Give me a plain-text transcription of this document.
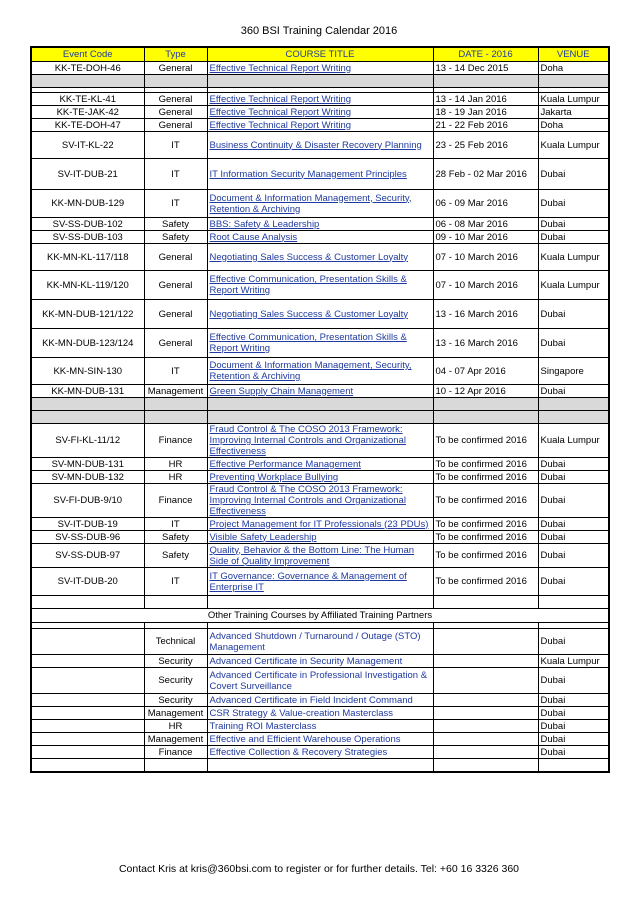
360 BSI Training Calendar 2016
Event Code	Type	COURSE TITLE	DATE - 2016	VENUE
KK-TE-DOH-46	General	Effective Technical Report Writing	13 - 14 Dec 2015	Doha

KK-TE-KL-41	General	Effective Technical Report Writing	13 - 14 Jan 2016	Kuala Lumpur
KK-TE-JAK-42	General	Effective Technical Report Writing	18 - 19 Jan 2016	Jakarta
KK-TE-DOH-47	General	Effective Technical Report Writing	21 - 22 Feb 2016	Doha
SV-IT-KL-22	IT	Business Continuity & Disaster Recovery Planning	23 - 25 Feb 2016	Kuala Lumpur
SV-IT-DUB-21	IT	IT Information Security Management Principles	28 Feb - 02 Mar 2016	Dubai
KK-MN-DUB-129	IT	Document & Information Management, Security, Retention & Archiving	06 - 09 Mar 2016	Dubai
SV-SS-DUB-102	Safety	BBS: Safety & Leadership	06 - 08 Mar 2016	Dubai
SV-SS-DUB-103	Safety	Root Cause Analysis	09 - 10 Mar 2016	Dubai
KK-MN-KL-117/118	General	Negotiating Sales Success & Customer Loyalty	07 - 10 March 2016	Kuala Lumpur
KK-MN-KL-119/120	General	Effective Communication, Presentation Skills & Report Writing	07 - 10 March 2016	Kuala Lumpur
KK-MN-DUB-121/122	General	Negotiating Sales Success & Customer Loyalty	13 - 16 March 2016	Dubai
KK-MN-DUB-123/124	General	Effective Communication, Presentation Skills & Report Writing	13 - 16 March 2016	Dubai
KK-MN-SIN-130	IT	Document & Information Management, Security, Retention & Archiving	04 - 07 Apr 2016	Singapore
KK-MN-DUB-131	Management	Green Supply Chain Management	10 - 12 Apr 2016	Dubai

SV-FI-KL-11/12	Finance	Fraud Control & The COSO 2013 Framework: Improving Internal Controls and Organizational Effectiveness	To be confirmed 2016	Kuala Lumpur
SV-MN-DUB-131	HR	Effective Performance Management	To be confirmed 2016	Dubai
SV-MN-DUB-132	HR	Preventing Workplace Bullying	To be confirmed 2016	Dubai
SV-FI-DUB-9/10	Finance	Fraud Control & The COSO 2013 Framework: Improving Internal Controls and Organizational Effectiveness	To be confirmed 2016	Dubai
SV-IT-DUB-19	IT	Project Management for IT Professionals (23 PDUs)	To be confirmed 2016	Dubai
SV-SS-DUB-96	Safety	Visible Safety Leadership	To be confirmed 2016	Dubai
SV-SS-DUB-97	Safety	Quality, Behavior & the Bottom Line: The Human Side of Quality Improvement	To be confirmed 2016	Dubai
SV-IT-DUB-20	IT	IT Governance: Governance & Management of Enterprise IT	To be confirmed 2016	Dubai

Other Training Courses by Affiliated Training Partners				

	Technical	Advanced Shutdown / Turnaround / Outage (STO) Management		Dubai
	Security	Advanced Certificate in Security Management		Kuala Lumpur
	Security	Advanced Certificate in Professional Investigation & Covert Surveillance		Dubai
	Security	Advanced Certificate in Field Incident Command		Dubai
	Management	CSR Strategy & Value-creation Masterclass		Dubai
	HR	Training ROI Masterclass		Dubai
	Management	Effective and Efficient Warehouse Operations		Dubai
	Finance	Effective Collection & Recovery Strategies		Dubai

Contact Kris at kris@360bsi.com to register or for further details. Tel: +60 16 3326 360
